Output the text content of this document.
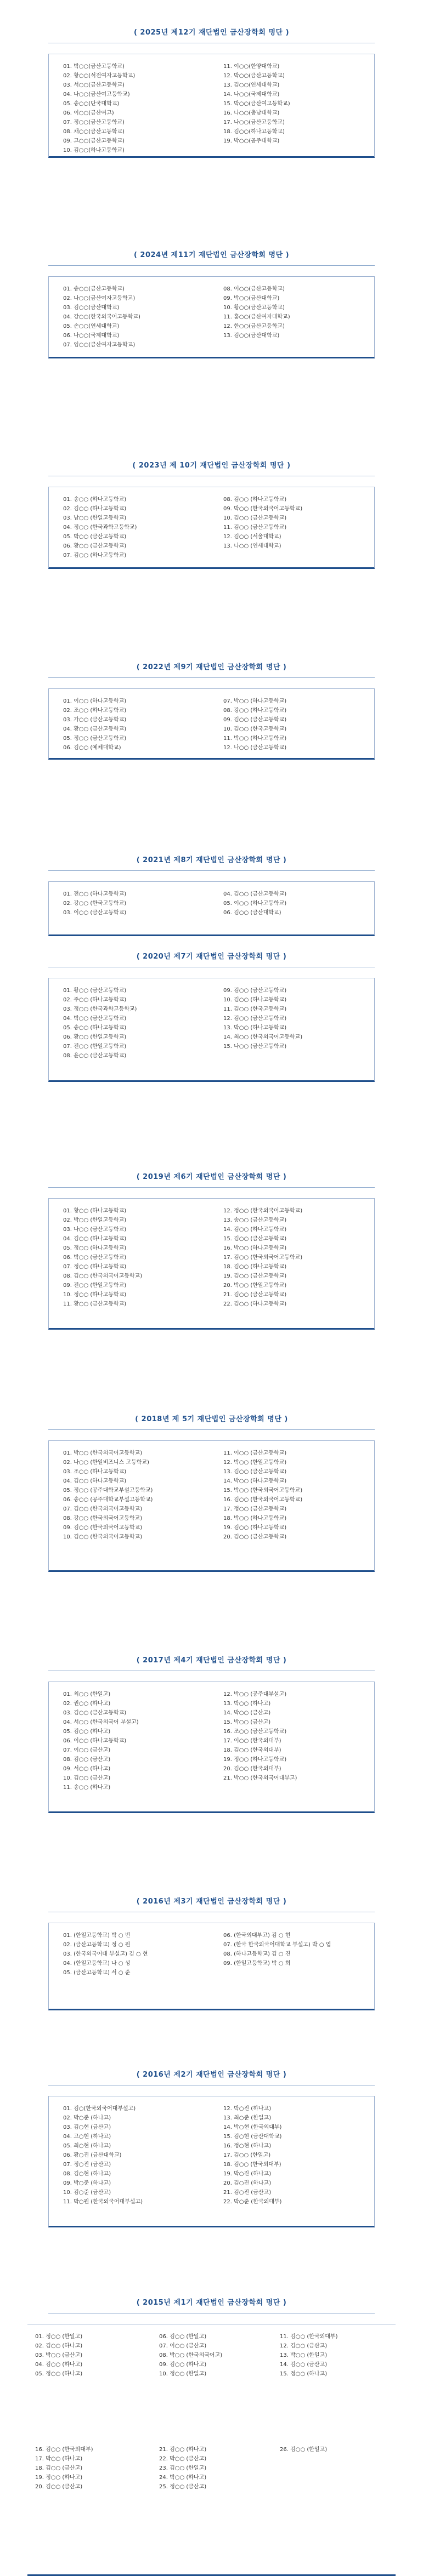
( 2025년 제12기 재단법인 금산장학회 명단 )
01. 박○○(금산고등학교)
02. 황○○(석전여자고등학교)
03. 서○○(금산고등학교)
04. 나○○(금산여고등학교)
05. 송○○(단국대학교)
06. 이○○(금산여고)
07. 정○○(금산고등학교)
08. 채○○(금산고등학교)
09. 고○○(금산고등학교)
10. 김○○(하나고등학교)
11. 이○○(한양대학교)
12. 박○○(금산고등학교)
13. 김○○(연세대학교)
14. 나○○(국제대학교)
15. 박○○(금산여고등학교)
16. 나○○(충남대학교)
17. 나○○(금산고등학교)
18. 김○○(하나고등학교)
19. 박○○(공주대학교)
( 2024년 제11기 재단법인 금산장학회 명단 )
01. 송○○(금산고등학교)
02. 나○○(금산여자고등학교)
03. 김○○(금산대학교)
04. 강○○(한국외국어고등학교)
05. 손○○(연세대학교)
06. 나○○(국제대학교)
07. 임○○(금산여자고등학교)
08. 이○○(금산고등학교)
09. 박○○(금산대학교)
10. 황○○(금산고등학교)
11. 홍○○(금산여자대학교)
12. 한○○(금산고등학교)
13. 김○○(금산대학교)
( 2023년 제 10기 재단법인 금산장학회 명단 )
01. 송○○ (하나고등학교)
02. 김○○ (하나고등학교)
03. 남○○ (한일고등학교)
04. 정○○ (한국과학고등학교)
05. 박○○ (금산고등학교)
06. 황○○ (금산고등학교)
07. 김○○ (하나고등학교)
08. 김○○ (하나고등학교)
09. 박○○ (한국외국어고등학교)
10. 김○○ (금산고등학교)
11. 김○○ (금산고등학교)
12. 김○○ (서울대학교)
13. 나○○ (연세대학교)
( 2022년 제9기 재단법인 금산장학회 명단 )
01. 이○○ (하나고등학교)
02. 조○○ (하나고등학교)
03. 가○○ (금산고등학교)
04. 황○○ (금산고등학교)
05. 정○○ (금산고등학교)
06. 김○○ (예체대학교)
07. 박○○ (하나고등학교)
08. 강○○ (하나고등학교)
09. 김○○ (금산고등학교)
10. 김○○ (한국고등학교)
11. 박○○ (하나고등학교)
12. 나○○ (금산고등학교)
( 2021년 제8기 재단법인 금산장학회 명단 )
01. 전○○ (하나고등학교)
02. 강○○ (한국고등학교)
03. 이○○ (금산고등학교)
04. 김○○ (금산고등학교)
05. 이○○ (하나고등학교)
06. 김○○ (금산대학교)
( 2020년 제7기 재단법인 금산장학회 명단 )
01. 황○○ (금산고등학교)
02. 주○○ (하나고등학교)
03. 정○○ (한국과학고등학교)
04. 박○○ (금산고등학교)
05. 송○○ (하나고등학교)
06. 황○○ (한일고등학교)
07. 전○○ (한일고등학교)
08. 윤○○ (금산고등학교)
09. 김○○ (금산고등학교)
10. 김○○ (하나고등학교)
11. 김○○ (한국고등학교)
12. 김○○ (금산고등학교)
13. 박○○ (하나고등학교)
14. 최○○ (한국외국어고등학교)
15. 나○○ (금산고등학교)
( 2019년 제6기 재단법인 금산장학회 명단 )
01. 황○○ (하나고등학교)
02. 박○○ (한일고등학교)
03. 나○○ (금산고등학교)
04. 김○○ (하나고등학교)
05. 정○○ (하나고등학교)
06. 박○○ (금산고등학교)
07. 정○○ (하나고등학교)
08. 김○○ (한국외국어고등학교)
09. 전○○ (한일고등학교)
10. 정○○ (하나고등학교)
11. 황○○ (금산고등학교)
12. 정○○ (한국외국어고등학교)
13. 송○○ (금산고등학교)
14. 김○○ (하나고등학교)
15. 김○○ (금산고등학교)
16. 박○○ (하나고등학교)
17. 김○○ (한국외국어고등학교)
18. 김○○ (하나고등학교)
19. 김○○ (금산고등학교)
20. 박○○ (한일고등학교)
21. 김○○ (금산고등학교)
22. 김○○ (하나고등학교)
( 2018년 제 5기 재단법인 금산장학회 명단 )
01. 박○○ (한국외국어고등학교)
02. 나○○ (한일비즈니스 고등학교)
03. 조○○ (하나고등학교)
04. 김○○ (하나고등학교)
05. 정○○ (공주대학교부설고등학교)
06. 송○○ (공주대학교부설고등학교)
07. 김○○ (한국외국어고등학교)
08. 강○○ (한국외국어고등학교)
09. 김○○ (한국외국어고등학교)
10. 김○○ (한국외국어고등학교)
11. 이○○ (금산고등학교)
12. 박○○ (한일고등학교)
13. 김○○ (금산고등학교)
14. 박○○ (하나고등학교)
15. 박○○ (한국외국어고등학교)
16. 김○○ (한국외국어고등학교)
17. 정○○ (금산고등학교)
18. 박○○ (하나고등학교)
19. 김○○ (하나고등학교)
20. 김○○ (금산고등학교)
( 2017년 제4기 재단법인 금산장학회 명단 )
01. 최○○ (한일고)
02. 권○○ (하나고)
03. 김○○ (금산고등학교)
04. 서○○ (한국외국어 부설고)
05. 김○○ (하나고)
06. 이○○ (하나고등학교)
07. 이○○ (금산고)
08. 김○○ (금산고)
09. 서○○ (하나고)
10. 김○○ (금산고)
11. 송○○ (하나고)
12. 박○○ (공주대부설고)
13. 박○○ (하나고)
14. 박○○ (금산고)
15. 박○○ (금산고)
16. 조○○ (금산고등학교)
17. 이○○ (한국외대부)
18. 김○○ (한국외대부)
19. 정○○ (하나고등학교)
20. 김○○ (한국외대부)
21. 박○○ (한국외국어대부고)
( 2016년 제3기 재단법인 금산장학회 명단 )
01. (한일고등학교) 박 ○ 빈
02. (금산고등학교) 정 ○ 원
03. (한국외국어대 부설고) 김 ○ 현
04. (한일고등학교) 나 ○ 성
05. (금산고등학교) 서 ○ 준
06. (한국외대부고) 김 ○ 현
07. (한국 한국외국어대학교 부설고) 박 ○ 엽
08. (하나고등학교) 김 ○ 진
09. (한일고등학교) 박 ○ 희
( 2016년 제2기 재단법인 금산장학회 명단 )
01. 김○(한국외국어대부설고)
02. 박○준 (하나고)
03. 김○현 (금산고)
04. 고○현 (하나고)
05. 최○현 (하나고)
06. 황○진 (금산대학교)
07. 정○진 (금산고)
08. 김○현 (하나고)
09. 박○준 (하나고)
10. 김○준 (금산고)
11. 박○원 (한국외국어대부설고)
12. 박○진 (하나고)
13. 최○준 (한일고)
14. 박○현 (한국외대부)
15. 김○현 (금산대학교)
16. 정○현 (하나고)
17. 김○○ (한일고)
18. 김○○ (한국외대부)
19. 박○진 (하나고)
20. 김○진 (하나고)
21. 김○진 (금산고)
22. 박○준 (한국외대부)
( 2015년 제1기 재단법인 금산장학회 명단 )
01. 정○○ (한일고)
02. 김○○ (하나고)
03. 박○○ (금산고)
04. 김○○ (하나고)
05. 정○○ (하나고)
06. 김○○ (한일고)
07. 이○○ (금산고)
08. 박○○ (한국외국어고)
09. 김○○ (하나고)
10. 정○○ (한일고)
11. 김○○ (한국외대부)
12. 김○○ (금산고)
13. 박○○ (한일고)
14. 김○○ (금산고)
15. 정○○ (하나고)
16. 김○○ (한국외대부)
17. 박○○ (하나고)
18. 김○○ (금산고)
19. 정○○ (하나고)
20. 김○○ (금산고)
21. 김○○ (하나고)
22. 박○○ (금산고)
23. 김○○ (한일고)
24. 박○○ (하나고)
25. 정○○ (금산고)
26. 김○○ (한일고)
